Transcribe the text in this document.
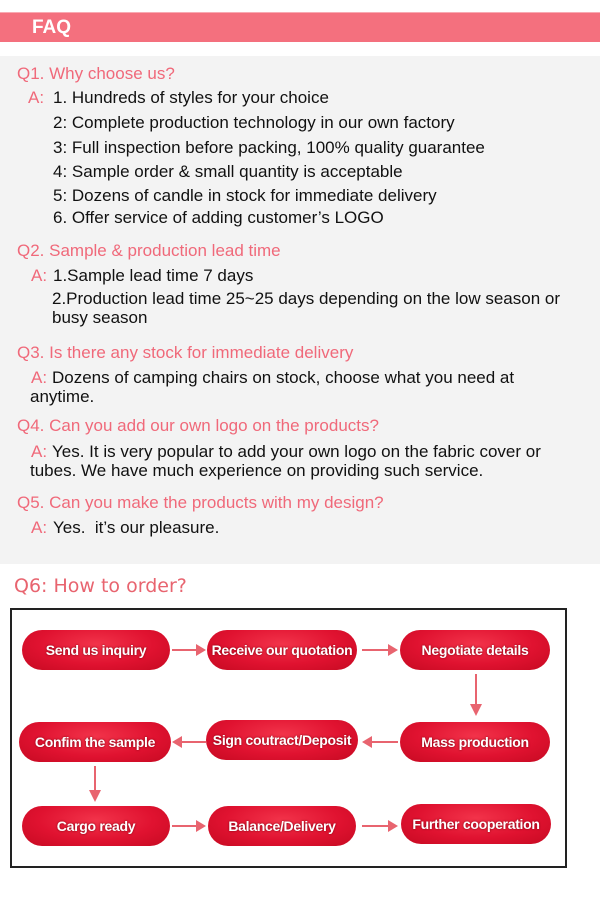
FAQ
Q1. Why choose us?
A: 1. Hundreds of styles for your choice
2: Complete production technology in our own factory
3: Full inspection before packing, 100% quality guarantee
4: Sample order & small quantity is acceptable
5: Dozens of candle in stock for immediate delivery
6. Offer service of adding customer’s LOGO
Q2. Sample & production lead time
A: 1.Sample lead time 7 days
2.Production lead time 25~25 days depending on the low season or busy season
Q3. Is there any stock for immediate delivery
A: Dozens of camping chairs on stock, choose what you need at anytime.
Q4. Can you add our own logo on the products?
A: Yes. It is very popular to add your own logo on the fabric cover or tubes. We have much experience on providing such service.
Q5. Can you make the products with my design?
A: Yes.  it’s our pleasure.
Q6: How to order?
Send us inquiry	Receive our quotation	Negotiate details
Confim the sample	Sign coutract/Deposit	Mass production
Cargo ready	Balance/Delivery	Further cooperation
